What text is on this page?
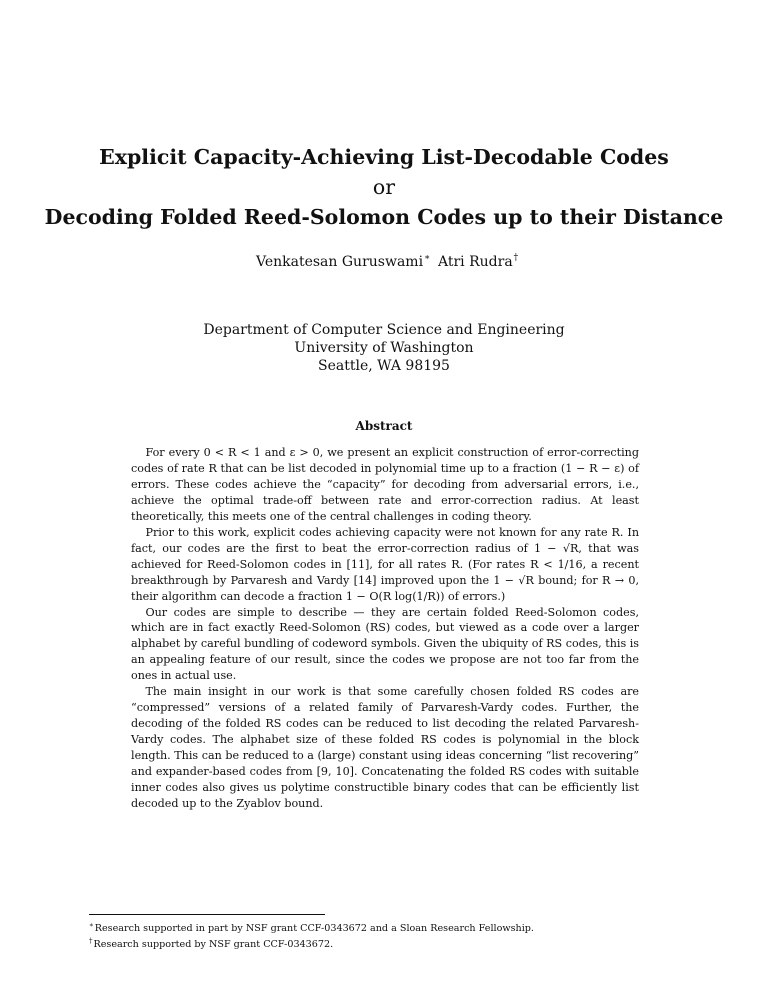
Explicit Capacity-Achieving List-Decodable Codes
or
Decoding Folded Reed-Solomon Codes up to their Distance
Venkatesan Guruswami∗ Atri Rudra†
Department of Computer Science and Engineering
University of Washington
Seattle, WA 98195
Abstract

For every 0 < R < 1 and ε > 0, we present an explicit construction of error-correcting codes of rate R that can be list decoded in polynomial time up to a fraction (1 − R − ε) of errors. These codes achieve the “capacity” for decoding from adversarial errors, i.e., achieve the optimal trade-off between rate and error-correction radius. At least theoretically, this meets one of the central challenges in coding theory.

Prior to this work, explicit codes achieving capacity were not known for any rate R. In fact, our codes are the first to beat the error-correction radius of 1 − √R, that was achieved for Reed-Solomon codes in [11], for all rates R. (For rates R < 1/16, a recent breakthrough by Parvaresh and Vardy [14] improved upon the 1 − √R bound; for R → 0, their algorithm can decode a fraction 1 − O(R log(1/R)) of errors.)

Our codes are simple to describe — they are certain folded Reed-Solomon codes, which are in fact exactly Reed-Solomon (RS) codes, but viewed as a code over a larger alphabet by careful bundling of codeword symbols. Given the ubiquity of RS codes, this is an appealing feature of our result, since the codes we propose are not too far from the ones in actual use.

The main insight in our work is that some carefully chosen folded RS codes are “compressed” versions of a related family of Parvaresh-Vardy codes. Further, the decoding of the folded RS codes can be reduced to list decoding the related Parvaresh-Vardy codes. The alphabet size of these folded RS codes is polynomial in the block length. This can be reduced to a (large) constant using ideas concerning “list recovering” and expander-based codes from [9, 10]. Concatenating the folded RS codes with suitable inner codes also gives us polytime constructible binary codes that can be efficiently list decoded up to the Zyablov bound.

∗Research supported in part by NSF grant CCF-0343672 and a Sloan Research Fellowship.
†Research supported by NSF grant CCF-0343672.
